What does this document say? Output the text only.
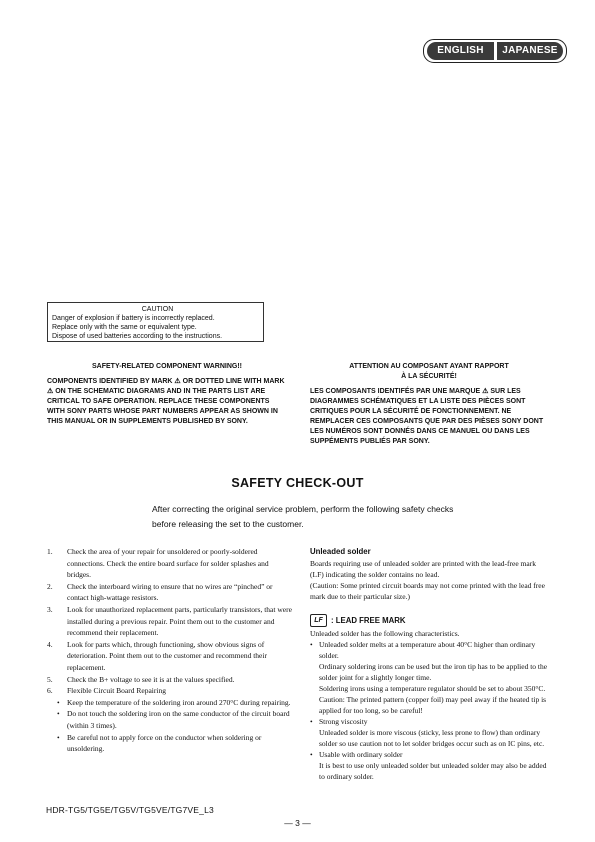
ENGLISH	JAPANESE
CAUTION
Danger of explosion if battery is incorrectly replaced.
Replace only with the same or equivalent type.
Dispose of used batteries according to the instructions.
SAFETY-RELATED COMPONENT WARNING!!
COMPONENTS IDENTIFIED BY MARK ⚠ OR DOTTED LINE WITH MARK ⚠ ON THE SCHEMATIC DIAGRAMS AND IN THE PARTS LIST ARE CRITICAL TO SAFE OPERATION. REPLACE THESE COMPONENTS WITH SONY PARTS WHOSE PART NUMBERS APPEAR AS SHOWN IN THIS MANUAL OR IN SUPPLEMENTS PUBLISHED BY SONY.
ATTENTION AU COMPOSANT AYANT RAPPORT
À LA SÉCURITÉ!
LES COMPOSANTS IDENTIFÉS PAR UNE MARQUE ⚠ SUR LES DIAGRAMMES SCHÉMATIQUES ET LA LISTE DES PIÈCES SONT CRITIQUES POUR LA SÉCURITÉ DE FONCTIONNEMENT. NE REMPLACER CES COMPOSANTS QUE PAR DES PIÈSES SONY DONT LES NUMÉROS SONT DONNÉS DANS CE MANUEL OU DANS LES SUPPÉMENTS PUBLIÉS PAR SONY.
SAFETY CHECK-OUT
After correcting the original service problem, perform the following safety checks before releasing the set to the customer.
1. Check the area of your repair for unsoldered or poorly-soldered connections. Check the entire board surface for solder splashes and bridges.
2. Check the interboard wiring to ensure that no wires are “pinched” or contact high-wattage resistors.
3. Look for unauthorized replacement parts, particularly transistors, that were installed during a previous repair. Point them out to the customer and recommend their replacement.
4. Look for parts which, through functioning, show obvious signs of deterioration. Point them out to the customer and recommend their replacement.
5. Check the B+ voltage to see it is at the values specified.
6. Flexible Circuit Board Repairing
• Keep the temperature of the soldering iron around 270°C during repairing.
• Do not touch the soldering iron on the same conductor of the circuit board (within 3 times).
• Be careful not to apply force on the conductor when soldering or unsoldering.
Unleaded solder
Boards requiring use of unleaded solder are printed with the lead-free mark (LF) indicating the solder contains no lead.
(Caution: Some printed circuit boards may not come printed with the lead free mark due to their particular size.)
LF : LEAD FREE MARK
Unleaded solder has the following characteristics.
• Unleaded solder melts at a temperature about 40°C higher than ordinary solder.
Ordinary soldering irons can be used but the iron tip has to be applied to the solder joint for a slightly longer time.
Soldering irons using a temperature regulator should be set to about 350°C.
Caution: The printed pattern (copper foil) may peel away if the heated tip is applied for too long, so be careful!
• Strong viscosity
Unleaded solder is more viscous (sticky, less prone to flow) than ordinary solder so use caution not to let solder bridges occur such as on IC pins, etc.
• Usable with ordinary solder
It is best to use only unleaded solder but unleaded solder may also be added to ordinary solder.
HDR-TG5/TG5E/TG5V/TG5VE/TG7VE_L3
— 3 —
